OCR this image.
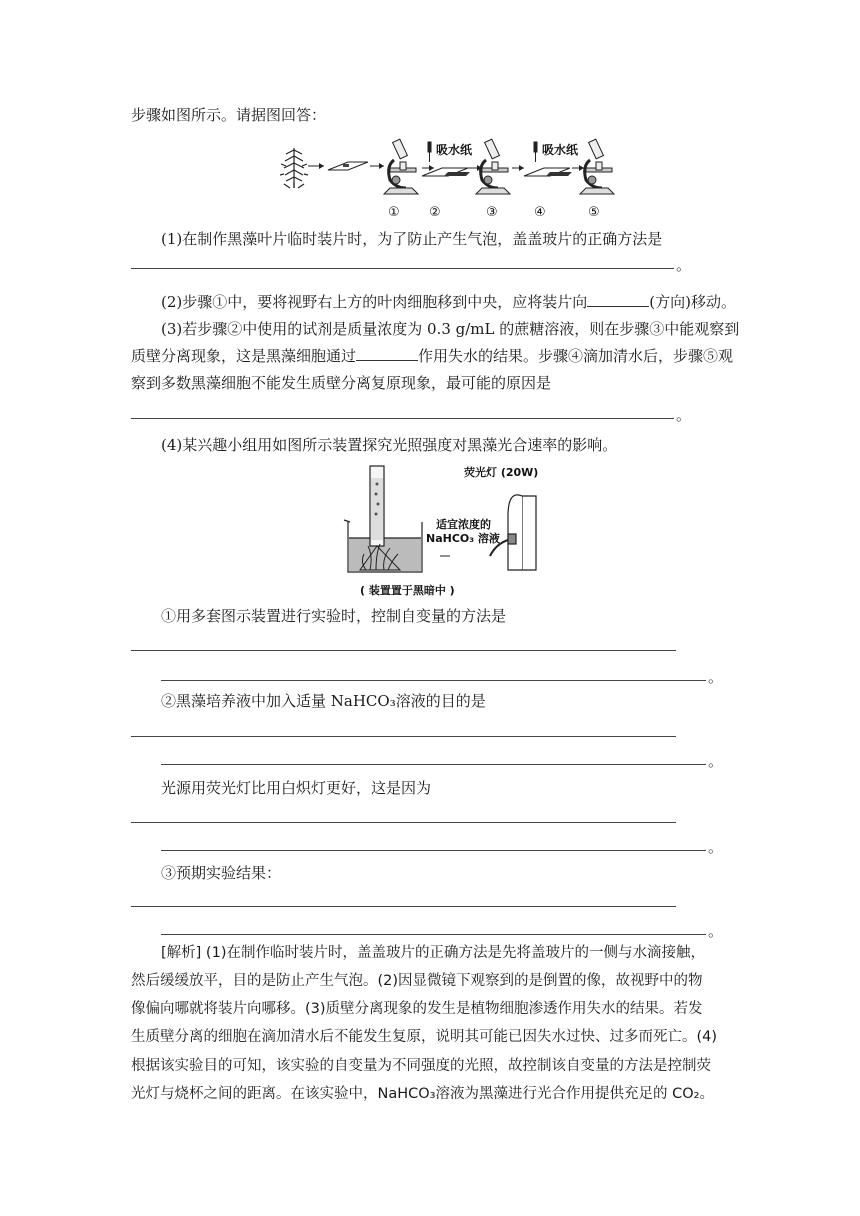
步骤如图所示。请据图回答：
吸水纸	吸水纸
① ②	③	④	⑤
(1)在制作黑藻叶片临时装片时，为了防止产生气泡，盖盖玻片的正确方法是
。
(2)步骤①中，要将视野右上方的叶肉细胞移到中央，应将装片向	(方向)移动。
(3)若步骤②中使用的试剂是质量浓度为 0.3 g/mL 的蔗糖溶液，则在步骤③中能观察到
质壁分离现象，这是黑藻细胞通过	作用失水的结果。步骤④滴加清水后，步骤⑤观
察到多数黑藻细胞不能发生质壁分离复原现象，最可能的原因是
。
(4)某兴趣小组用如图所示装置探究光照强度对黑藻光合速率的影响。
适宜浓度的
NaHCO₃ 溶液
荧光灯 (20W)
( 装置置于黑暗中 )
①用多套图示装置进行实验时，控制自变量的方法是
。
②黑藻培养液中加入适量 NaHCO₃溶液的目的是
。
光源用荧光灯比用白炽灯更好，这是因为
。
③预期实验结果：
。
[解析] (1)在制作临时装片时，盖盖玻片的正确方法是先将盖玻片的一侧与水滴接触，
然后缓缓放平，目的是防止产生气泡。(2)因显微镜下观察到的是倒置的像，故视野中的物
像偏向哪就将装片向哪移。(3)质壁分离现象的发生是植物细胞渗透作用失水的结果。若发
生质壁分离的细胞在滴加清水后不能发生复原，说明其可能已因失水过快、过多而死亡。(4)
根据该实验目的可知，该实验的自变量为不同强度的光照，故控制该自变量的方法是控制荧
光灯与烧杯之间的距离。在该实验中，NaHCO₃溶液为黑藻进行光合作用提供充足的 CO₂。
